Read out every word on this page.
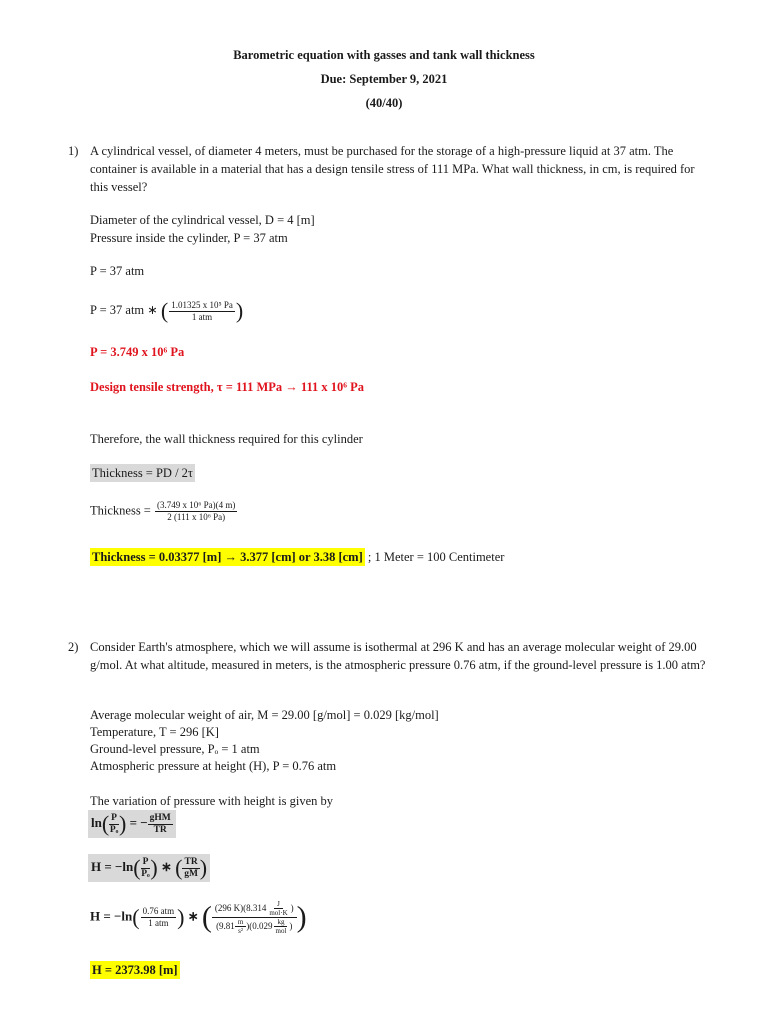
Barometric equation with gasses and tank wall thickness
Due: September 9, 2021
(40/40)
1) A cylindrical vessel, of diameter 4 meters, must be purchased for the storage of a high-pressure liquid at 37 atm. The container is available in a material that has a design tensile stress of 111 MPa. What wall thickness, in cm, is required for this vessel?
Diameter of the cylindrical vessel, D = 4 [m]
Pressure inside the cylinder, P = 37 atm
P = 37 atm
P = 37 atm ∗ ( $\frac{\text{1.01325 x 10⁵ Pa}}{\text{1 atm}}$ )
P = 3.749 x 10⁶ Pa
Design tensile strength, τ = 111 MPa → 111 x 10⁶ Pa
Therefore, the wall thickness required for this cylinder
Thickness = PD / 2τ
Thickness = $\frac{\text{(3.749 x 10⁶ Pa)(4 m)}}{\text{2 (111 x 10⁶ Pa)}}$
Thickness = 0.03377 [m] → 3.377 [cm] or 3.38 [cm] ; 1 Meter = 100 Centimeter
2) Consider Earth's atmosphere, which we will assume is isothermal at 296 K and has an average molecular weight of 29.00 g/mol. At what altitude, measured in meters, is the atmospheric pressure 0.76 atm, if the ground-level pressure is 1.00 atm?
Average molecular weight of air, M = 29.00 [g/mol] = 0.029 [kg/mol]
Temperature, T = 296 [K]
Ground-level pressure, Pₒ = 1 atm
Atmospheric pressure at height (H), P = 0.76 atm
The variation of pressure with height is given by
$\ln( \frac{P}{\text{Pₒ}}$ ) = − $\frac{\text{gHM}}{TR}$
$H = -\ln( \frac{P}{\text{Pₒ}}$ ) ∗ ( $\frac{TR}{gM}$ )
$H = -\ln( \frac{\text{0.76 atm}}{\text{1 atm}}$ ) ∗ ( $\frac{(296 K)(8.314 \frac{J}{\text{mol·K}} )}{(9.81 \frac{m}{\text{s²}} )(0.029 \frac{kg}{\text{mol}} )}$ )
H = 2373.98 [m]
